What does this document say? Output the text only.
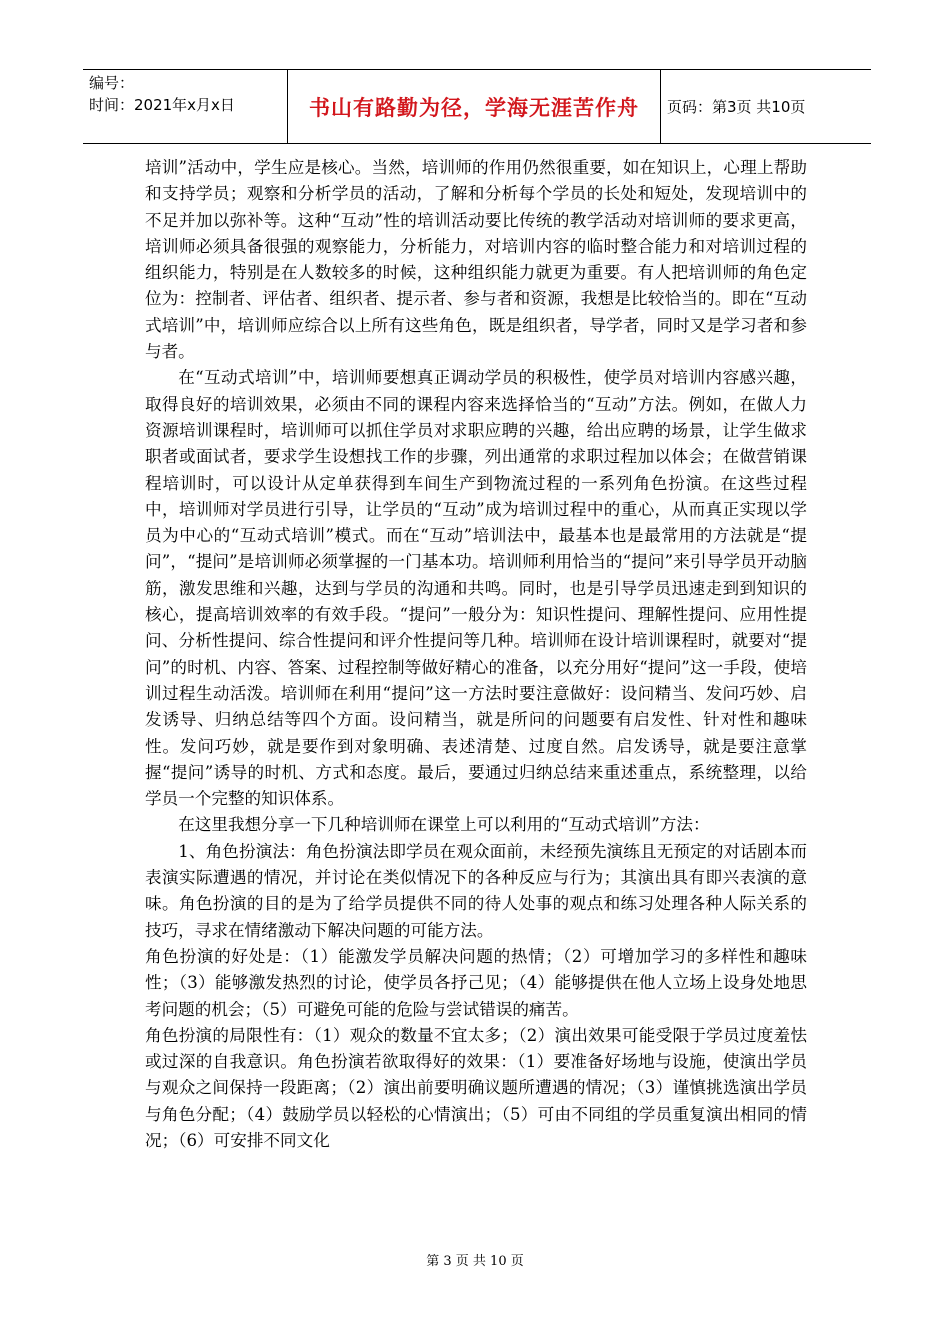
编号：
时间：2021年x月x日	书山有路勤为径，学海无涯苦作舟 页码：第3页 共10页

培训”活动中，学生应是核心。当然，培训师的作用仍然很重要，如在知识上，心理上帮助和支持学员；观察和分析学员的活动，了解和分析每个学员的长处和短处，发现培训中的不足并加以弥补等。这种“互动”性的培训活动要比传统的教学活动对培训师的要求更高，培训师必须具备很强的观察能力，分析能力，对培训内容的临时整合能力和对培训过程的组织能力，特别是在人数较多的时候，这种组织能力就更为重要。有人把培训师的角色定位为：控制者、评估者、组织者、提示者、参与者和资源，我想是比较恰当的。即在“互动式培训”中，培训师应综合以上所有这些角色，既是组织者，导学者，同时又是学习者和参与者。

在“互动式培训”中，培训师要想真正调动学员的积极性，使学员对培训内容感兴趣，取得良好的培训效果，必须由不同的课程内容来选择恰当的“互动”方法。例如，在做人力资源培训课程时，培训师可以抓住学员对求职应聘的兴趣，给出应聘的场景，让学生做求职者或面试者，要求学生设想找工作的步骤，列出通常的求职过程加以体会；在做营销课程培训时，可以设计从定单获得到车间生产到物流过程的一系列角色扮演。在这些过程中，培训师对学员进行引导，让学员的“互动”成为培训过程中的重心，从而真正实现以学员为中心的“互动式培训”模式。而在“互动”培训法中，最基本也是最常用的方法就是“提问”，“提问”是培训师必须掌握的一门基本功。培训师利用恰当的“提问”来引导学员开动脑筋，激发思维和兴趣，达到与学员的沟通和共鸣。同时，也是引导学员迅速走到到知识的核心，提高培训效率的有效手段。“提问”一般分为：知识性提问、理解性提问、应用性提问、分析性提问、综合性提问和评介性提问等几种。培训师在设计培训课程时，就要对“提问”的时机、内容、答案、过程控制等做好精心的准备，以充分用好“提问”这一手段，使培训过程生动活泼。培训师在利用“提问”这一方法时要注意做好：设问精当、发问巧妙、启发诱导、归纳总结等四个方面。设问精当，就是所问的问题要有启发性、针对性和趣味性。发问巧妙，就是要作到对象明确、表述清楚、过度自然。启发诱导，就是要注意掌握“提问”诱导的时机、方式和态度。最后，要通过归纳总结来重述重点，系统整理，以给学员一个完整的知识体系。

在这里我想分享一下几种培训师在课堂上可以利用的“互动式培训”方法：

1、角色扮演法：角色扮演法即学员在观众面前，未经预先演练且无预定的对话剧本而表演实际遭遇的情况，并讨论在类似情况下的各种反应与行为；其演出具有即兴表演的意味。角色扮演的目的是为了给学员提供不同的待人处事的观点和练习处理各种人际关系的技巧，寻求在情绪激动下解决问题的可能方法。

角色扮演的好处是：（1）能激发学员解决问题的热情；（2）可增加学习的多样性和趣味性；（3）能够激发热烈的讨论，使学员各抒己见；（4）能够提供在他人立场上设身处地思考问题的机会；（5）可避免可能的危险与尝试错误的痛苦。

角色扮演的局限性有：（1）观众的数量不宜太多；（2）演出效果可能受限于学员过度羞怯或过深的自我意识。角色扮演若欲取得好的效果：（1）要准备好场地与设施，使演出学员与观众之间保持一段距离；（2）演出前要明确议题所遭遇的情况；（3）谨慎挑选演出学员与角色分配；（4）鼓励学员以轻松的心情演出；（5）可由不同组的学员重复演出相同的情况；（6）可安排不同文化

第 3 页 共 10 页
